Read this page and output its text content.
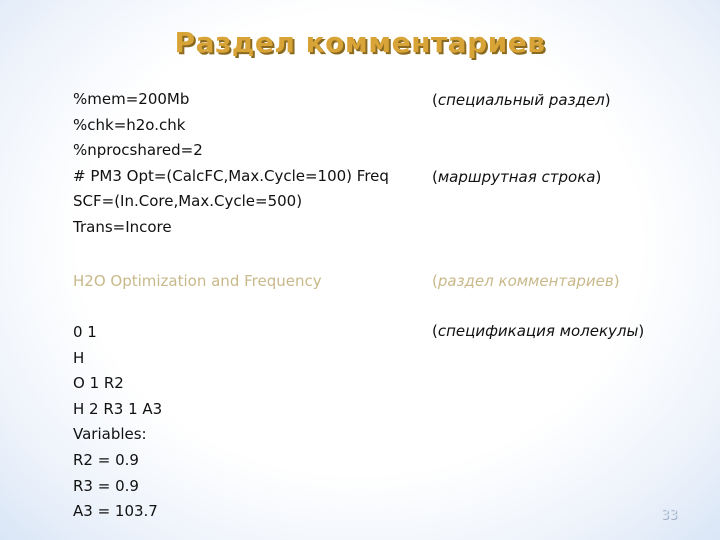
Раздел комментариев
%mem=200Mb
%chk=h2o.chk
%nprocshared=2
# PM3 Opt=(CalcFC,Max.Cycle=100) Freq
SCF=(In.Core,Max.Cycle=500)
Trans=Incore
(специальный раздел)
(маршрутная строка)
H2O Optimization and Frequency	(раздел комментариев)
0 1
H
O 1 R2
H 2 R3 1 A3
Variables:
R2 = 0.9
R3 = 0.9
A3 = 103.7
(спецификация молекулы)
33
